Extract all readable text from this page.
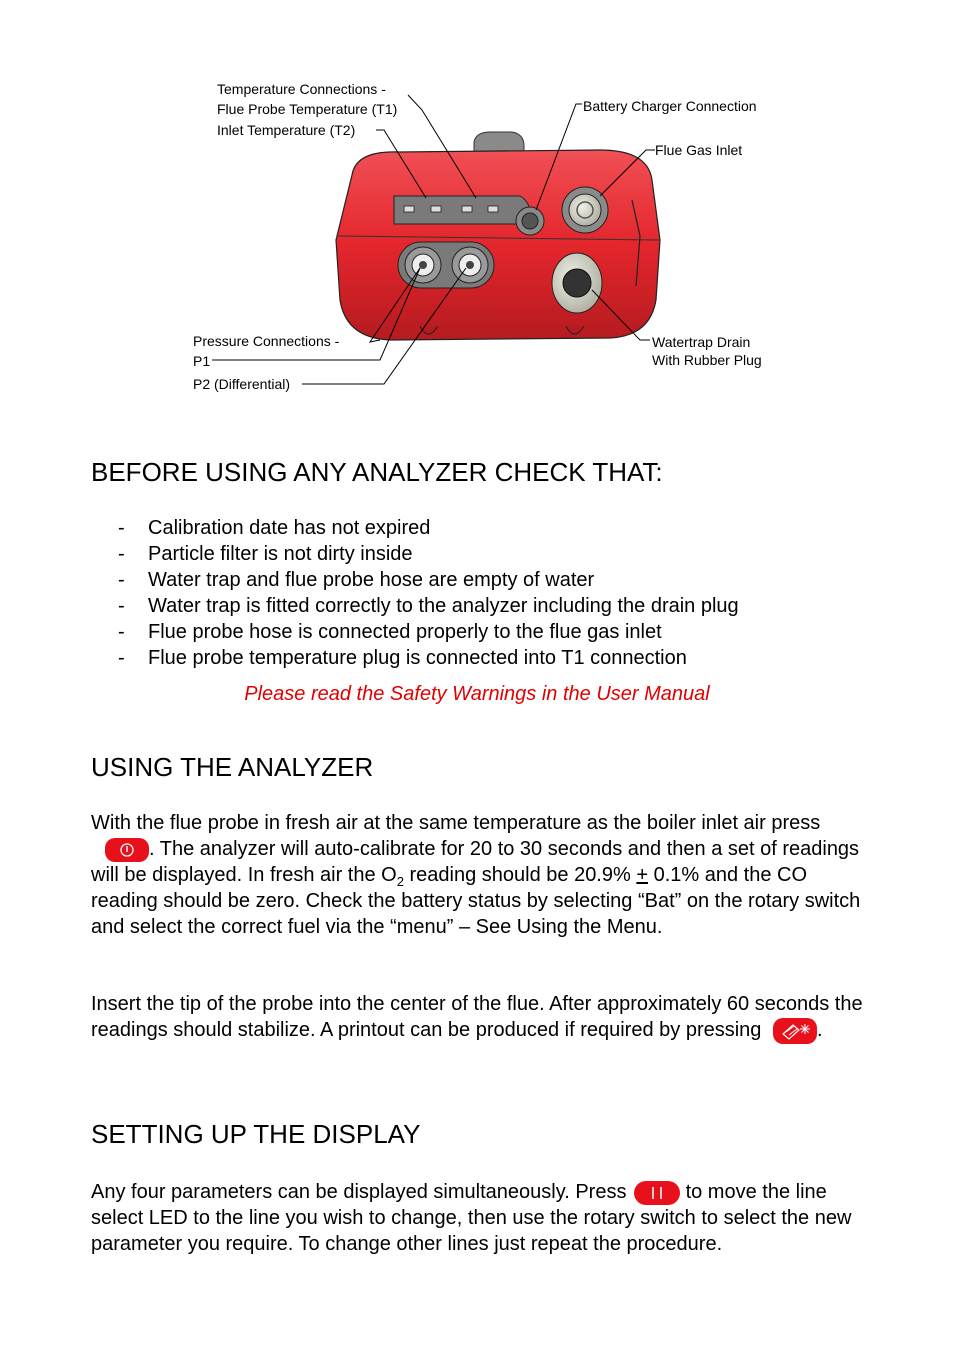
Temperature Connections -
Flue Probe Temperature (T1)
Inlet Temperature (T2)
Battery Charger Connection
Flue Gas Inlet
Pressure Connections -
P1
P2 (Differential)
Watertrap Drain
With Rubber Plug
BEFORE USING ANY ANALYZER CHECK THAT:
- Calibration date has not expired
- Particle filter is not dirty inside
- Water trap and flue probe hose are empty of water
- Water trap is fitted correctly to the analyzer including the drain plug
- Flue probe hose is connected properly to the flue gas inlet
- Flue probe temperature plug is connected into T1 connection
Please read the Safety Warnings in the User Manual
USING THE ANALYZER

With the flue probe in fresh air at the same temperature as the boiler inlet air press
. The analyzer will auto-calibrate for 20 to 30 seconds and then a set of readings will be displayed. In fresh air the $O_2$ reading should be 20.9% + 0.1% and the CO reading should be zero. Check the battery status by selecting “Bat” on the rotary switch and select the correct fuel via the “menu” – See Using the Menu.

Insert the tip of the probe into the center of the flue. After approximately 60 seconds the readings should stabilize. A printout can be produced if required by pressing	.

SETTING UP THE DISPLAY

Any four parameters can be displayed simultaneously. Press	to move the line select LED to the line you wish to change, then use the rotary switch to select the new parameter you require. To change other lines just repeat the procedure.
